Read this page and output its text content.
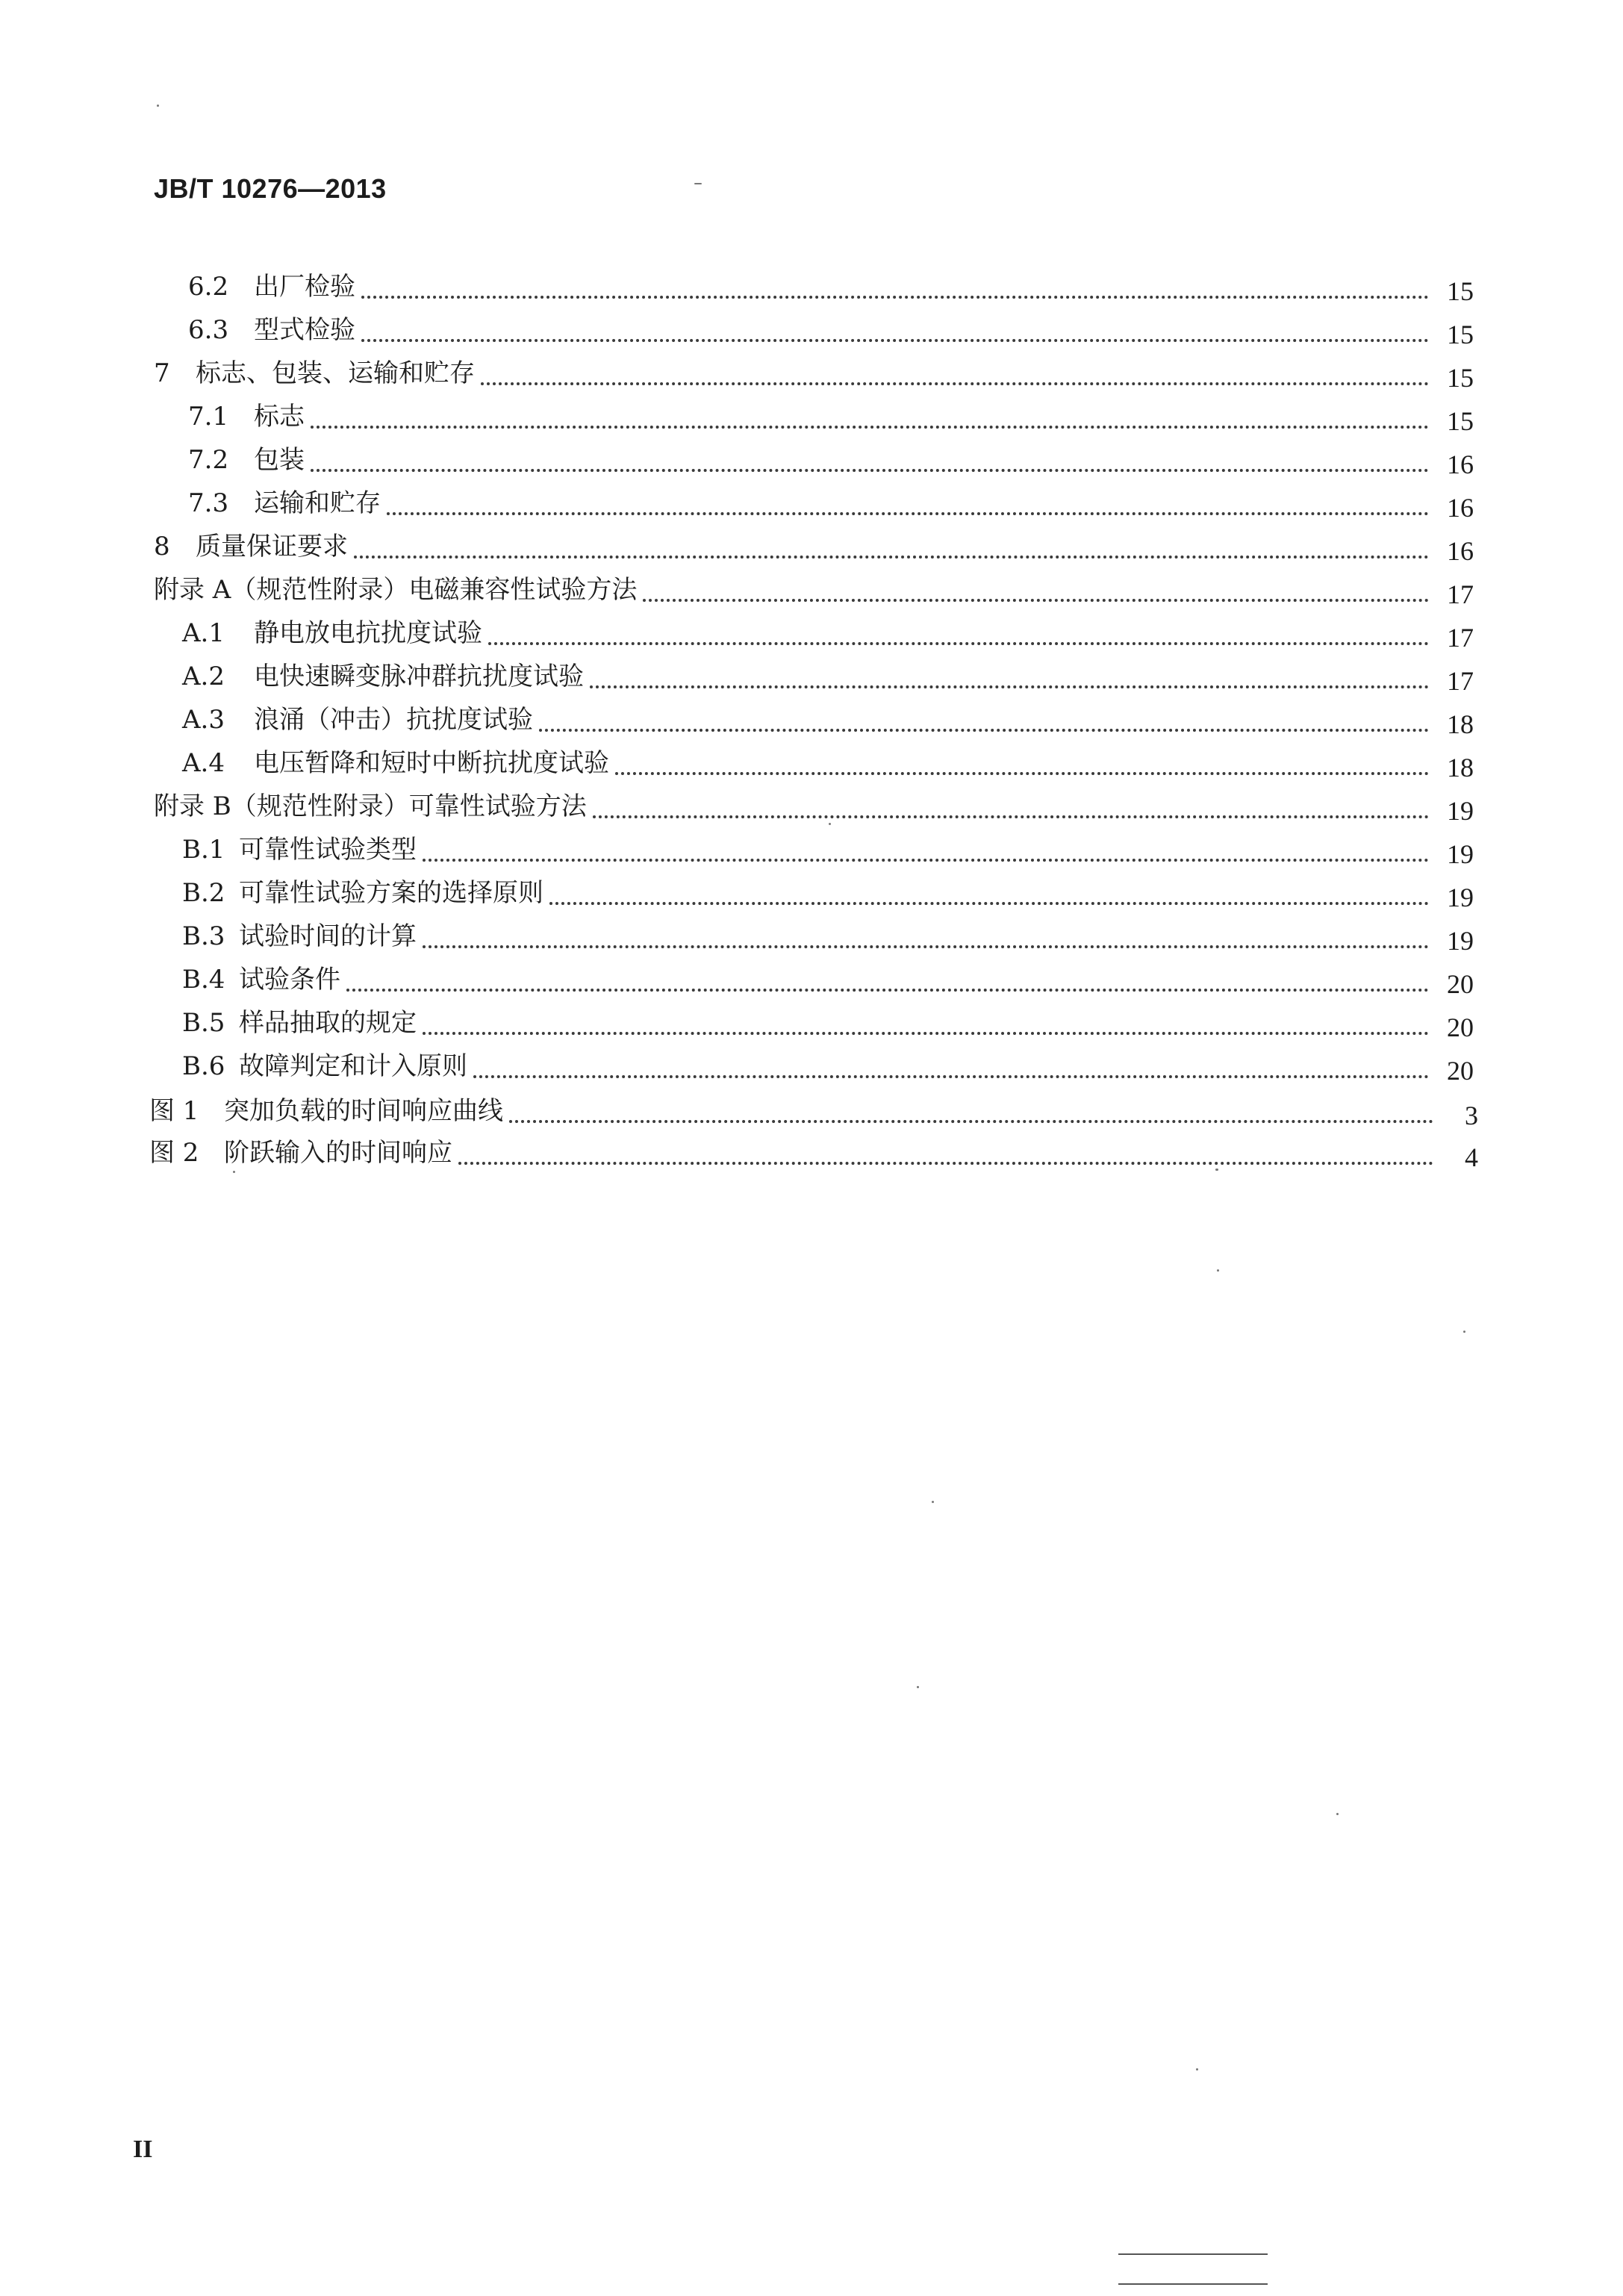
JB/T 10276—2013
6.2 出厂检验	15
6.3 型式检验	15
7 标志、包装、运输和贮存	15
7.1 标志	15
7.2 包装	16
7.3 运输和贮存	16
8 质量保证要求	16
附录 A（规范性附录）电磁兼容性试验方法	17
A.1 静电放电抗扰度试验	17
A.2 电快速瞬变脉冲群抗扰度试验	17
A.3 浪涌（冲击）抗扰度试验	18
A.4 电压暂降和短时中断抗扰度试验	18
附录 B（规范性附录）可靠性试验方法	19
B.1 可靠性试验类型	19
B.2 可靠性试验方案的选择原则	19
B.3 试验时间的计算	19
B.4 试验条件	20
B.5 样品抽取的规定	20
B.6 故障判定和计入原则	20
图 1 突加负载的时间响应曲线	3
图 2 阶跃输入的时间响应	4
II
